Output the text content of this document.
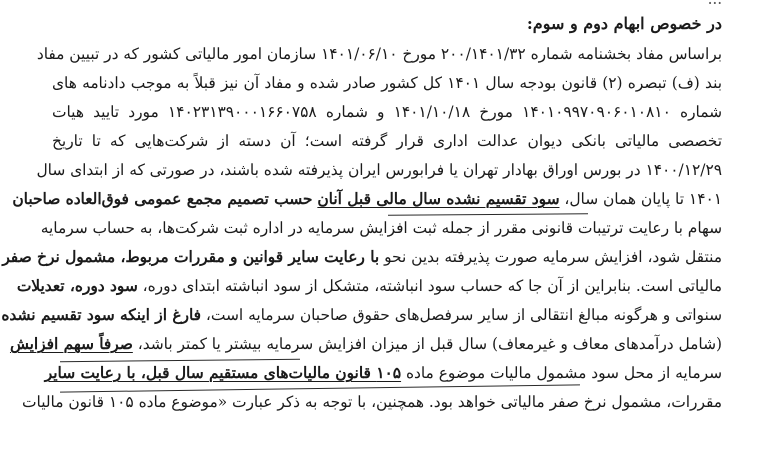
در خصوص ابهام دوم و سوم:
براساس مفاد بخشنامه شماره ۲۰۰/۱۴۰۱/۳۲ مورخ ۱۴۰۱/۰۶/۱۰ سازمان امور مالیاتی کشور که در تبیین مفاد
بند (ف) تبصره (۲) قانون بودجه سال ۱۴۰۱ کل کشور صادر شده و مفاد آن نیز قبلاً به موجب دادنامه های
شماره ۱۴۰۱۰۹۹۷۰۹۰۶۰۱۰۸۱۰ مورخ ۱۴۰۱/۱۰/۱۸ و شماره ۱۴۰۲۳۱۳۹۰۰۰۱۶۶۰۷۵۸ مورد تایید هیات
تخصصی مالیاتی بانکی دیوان عدالت اداری قرار گرفته است؛ آن دسته از شرکت‌هایی که تا تاریخ
۱۴۰۰/۱۲/۲۹ در بورس اوراق بهادار تهران یا فرابورس ایران پذیرفته شده باشند، در صورتی که از ابتدای سال
۱۴۰۱ تا پایان همان سال، سود تقسیم نشده سال مالی قبل آنان حسب تصمیم مجمع عمومی فوق‌العاده صاحبان
سهام با رعایت ترتیبات قانونی مقرر از جمله ثبت افزایش سرمایه در اداره ثبت شرکت‌ها، به حساب سرمایه
منتقل شود، افزایش سرمایه صورت پذیرفته بدین نحو با رعایت سایر قوانین و مقررات مربوط، مشمول نرخ صفر
مالیاتی است. بنابراین از آن جا که حساب سود انباشته، متشکل از سود انباشته ابتدای دوره، سود دوره، تعدیلات
سنواتی و هرگونه مبالغ انتقالی از سایر سرفصل‌های حقوق صاحبان سرمایه است، فارغ از اینکه سود تقسیم نشده
(شامل درآمدهای معاف و غیرمعاف) سال قبل از میزان افزایش سرمایه بیشتر یا کمتر باشد، صرفاً سهم افزایش
سرمایه از محل سود مشمول مالیات موضوع ماده ۱۰۵ قانون مالیات‌های مستقیم سال قبل، با رعایت سایر
مقررات، مشمول نرخ صفر مالیاتی خواهد بود. همچنین، با توجه به ذکر عبارت «موضوع ماده ۱۰۵ قانون مالیات
